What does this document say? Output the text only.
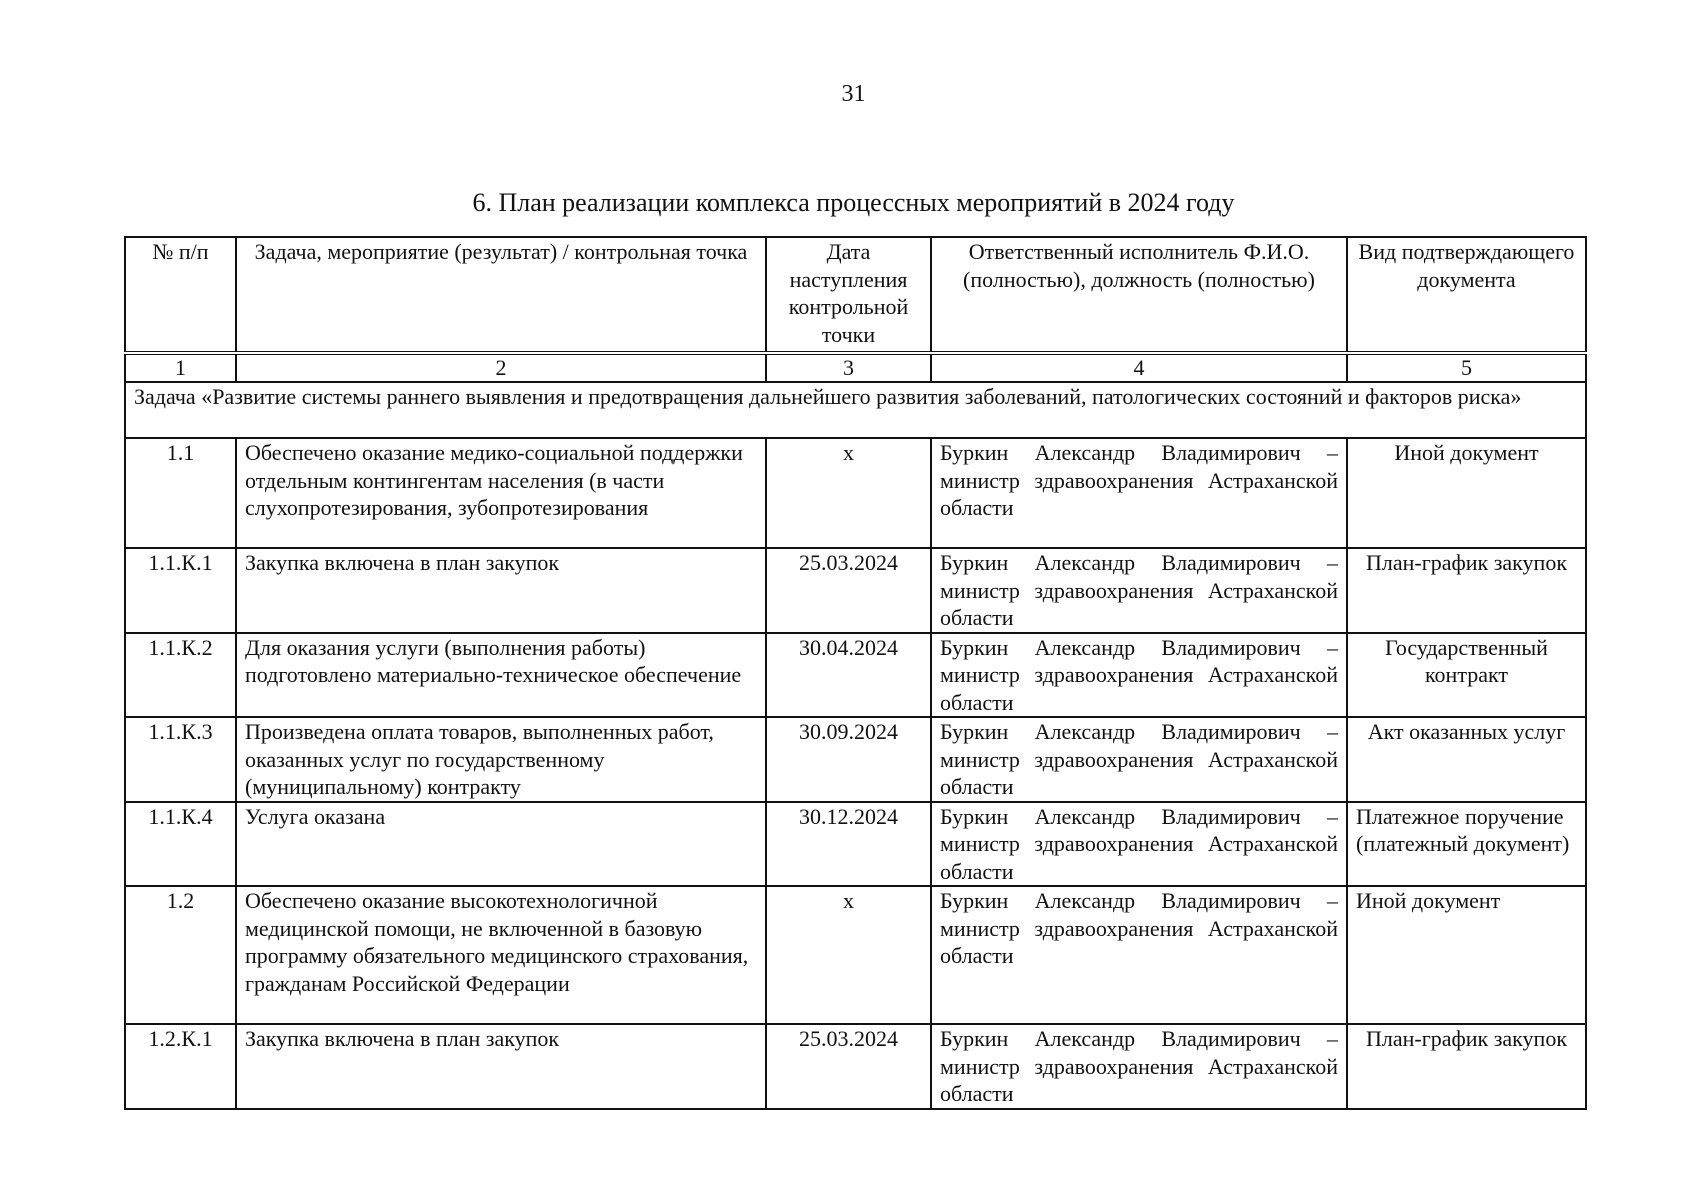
31
6. План реализации комплекса процессных мероприятий в 2024 году
№ п/п	Задача, мероприятие (результат) / контрольная точка	Дата наступления контрольной точки	Ответственный исполнитель Ф.И.О. (полностью), должность (полностью)	Вид подтверждающего документа
1	2	3	4	5
Задача «Развитие системы раннего выявления и предотвращения дальнейшего развития заболеваний, патологических состояний и факторов риска»				
1.1	Обеспечено оказание медико-социальной поддержки отдельным контингентам населения (в части слухопротезирования, зубопротезирования	х	Буркин Александр Владимирович – министр здравоохранения Астраханской области	Иной документ
1.1.К.1	Закупка включена в план закупок	25.03.2024	Буркин Александр Владимирович – министр здравоохранения Астраханской области	План-график закупок
1.1.К.2	Для оказания услуги (выполнения работы) подготовлено материально-техническое обеспечение	30.04.2024	Буркин Александр Владимирович – министр здравоохранения Астраханской области	Государственный контракт
1.1.К.3	Произведена оплата товаров, выполненных работ, оказанных услуг по государственному (муниципальному) контракту	30.09.2024	Буркин Александр Владимирович – министр здравоохранения Астраханской области	Акт оказанных услуг
1.1.К.4	Услуга оказана	30.12.2024	Буркин Александр Владимирович – министр здравоохранения Астраханской области	Платежное поручение (платежный документ)
1.2	Обеспечено оказание высокотехнологичной медицинской помощи, не включенной в базовую программу обязательного медицинского страхования, гражданам Российской Федерации	х	Буркин Александр Владимирович – министр здравоохранения Астраханской области	Иной документ
1.2.К.1	Закупка включена в план закупок	25.03.2024	Буркин Александр Владимирович – министр здравоохранения Астраханской области	План-график закупок
